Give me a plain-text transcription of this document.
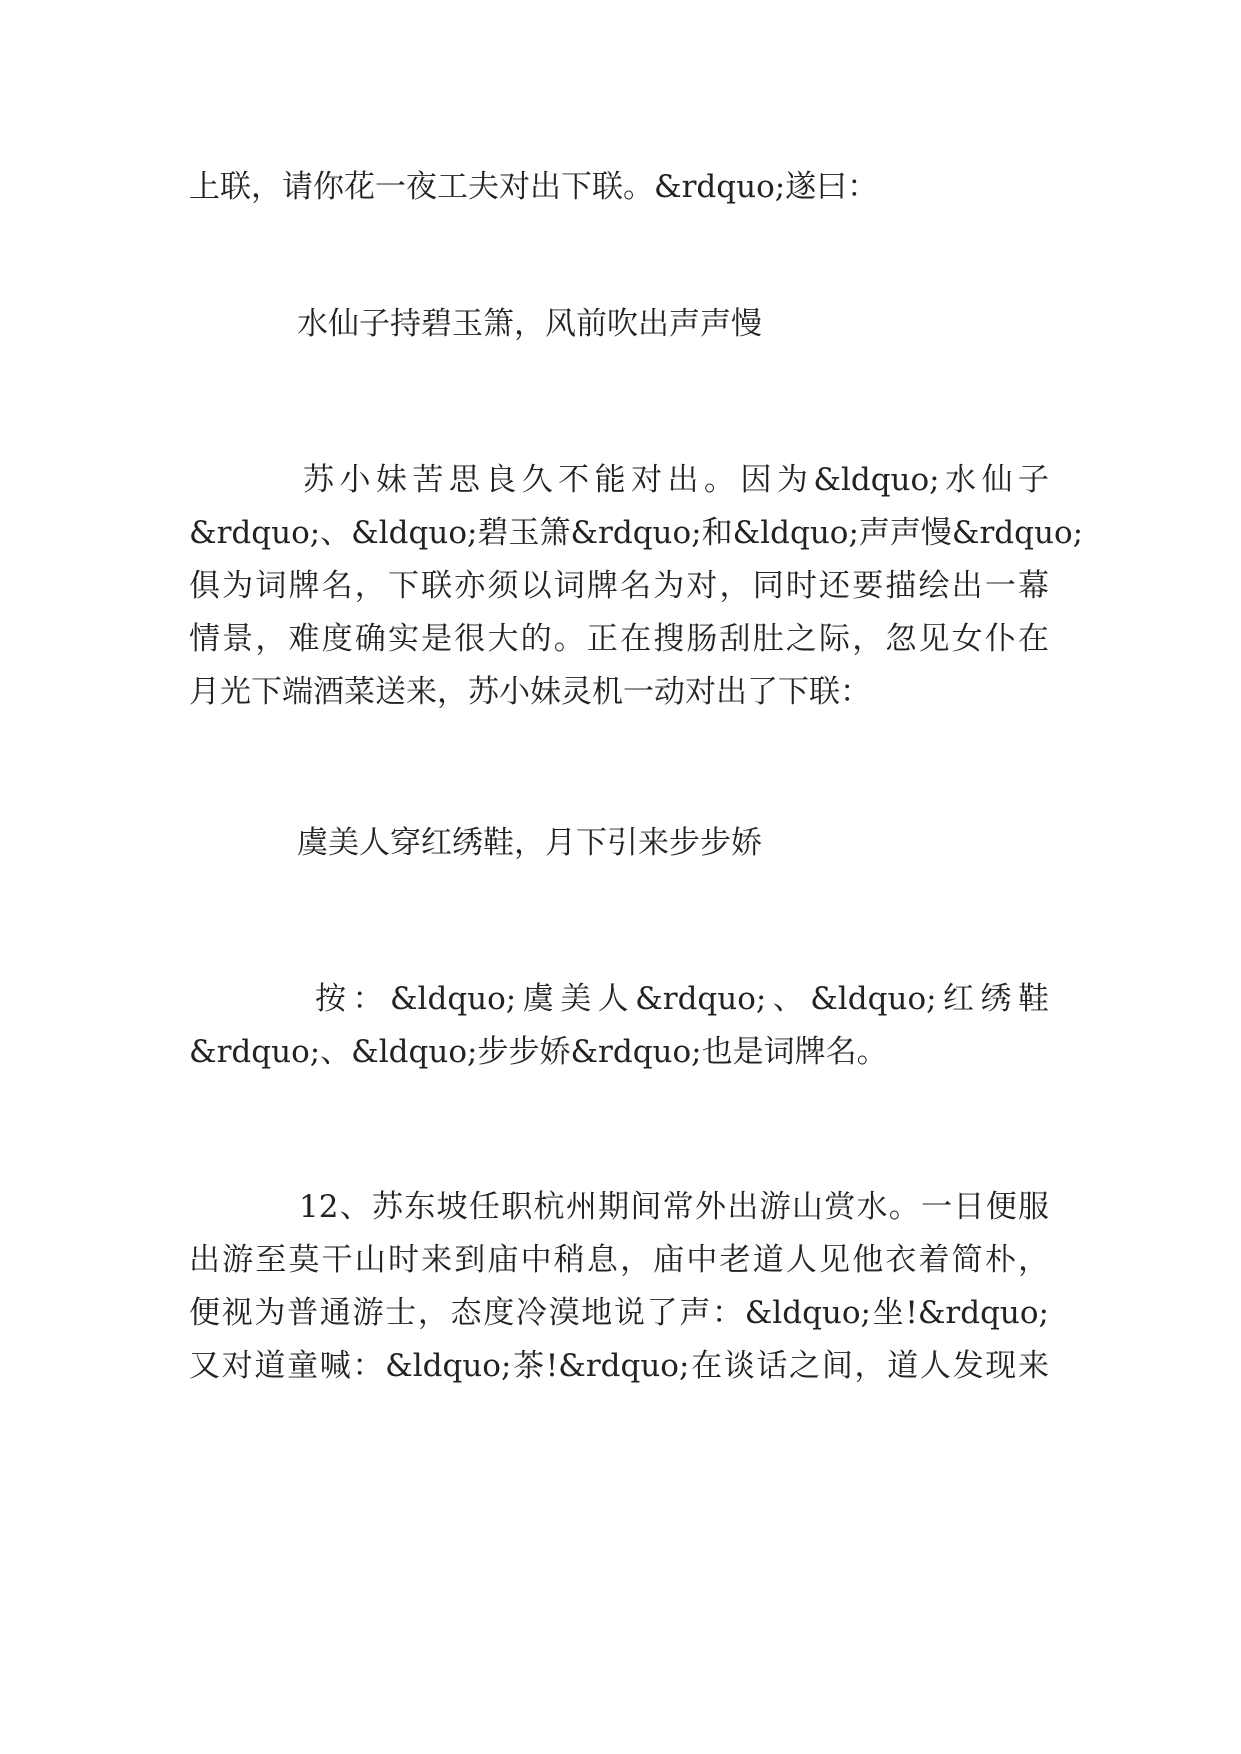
上联，请你花一夜工夫对出下联。&rdquo;遂曰：
水仙子持碧玉箫，风前吹出声声慢
苏小妹苦思良久不能对出。因为&ldquo;水仙子
&rdquo;、&ldquo;碧玉箫&rdquo;和&ldquo;声声慢&rdquo;
俱为词牌名，下联亦须以词牌名为对，同时还要描绘出一幕
情景，难度确实是很大的。正在搜肠刮肚之际，忽见女仆在
月光下端酒菜送来，苏小妹灵机一动对出了下联：
虞美人穿红绣鞋，月下引来步步娇
按：&ldquo;虞美人&rdquo;、&ldquo;红绣鞋
&rdquo;、&ldquo;步步娇&rdquo;也是词牌名。
12、苏东坡任职杭州期间常外出游山赏水。一日便服
出游至莫干山时来到庙中稍息，庙中老道人见他衣着简朴，
便视为普通游士，态度冷漠地说了声：&ldquo;坐!&rdquo;
又对道童喊：&ldquo;茶!&rdquo;在谈话之间，道人发现来
